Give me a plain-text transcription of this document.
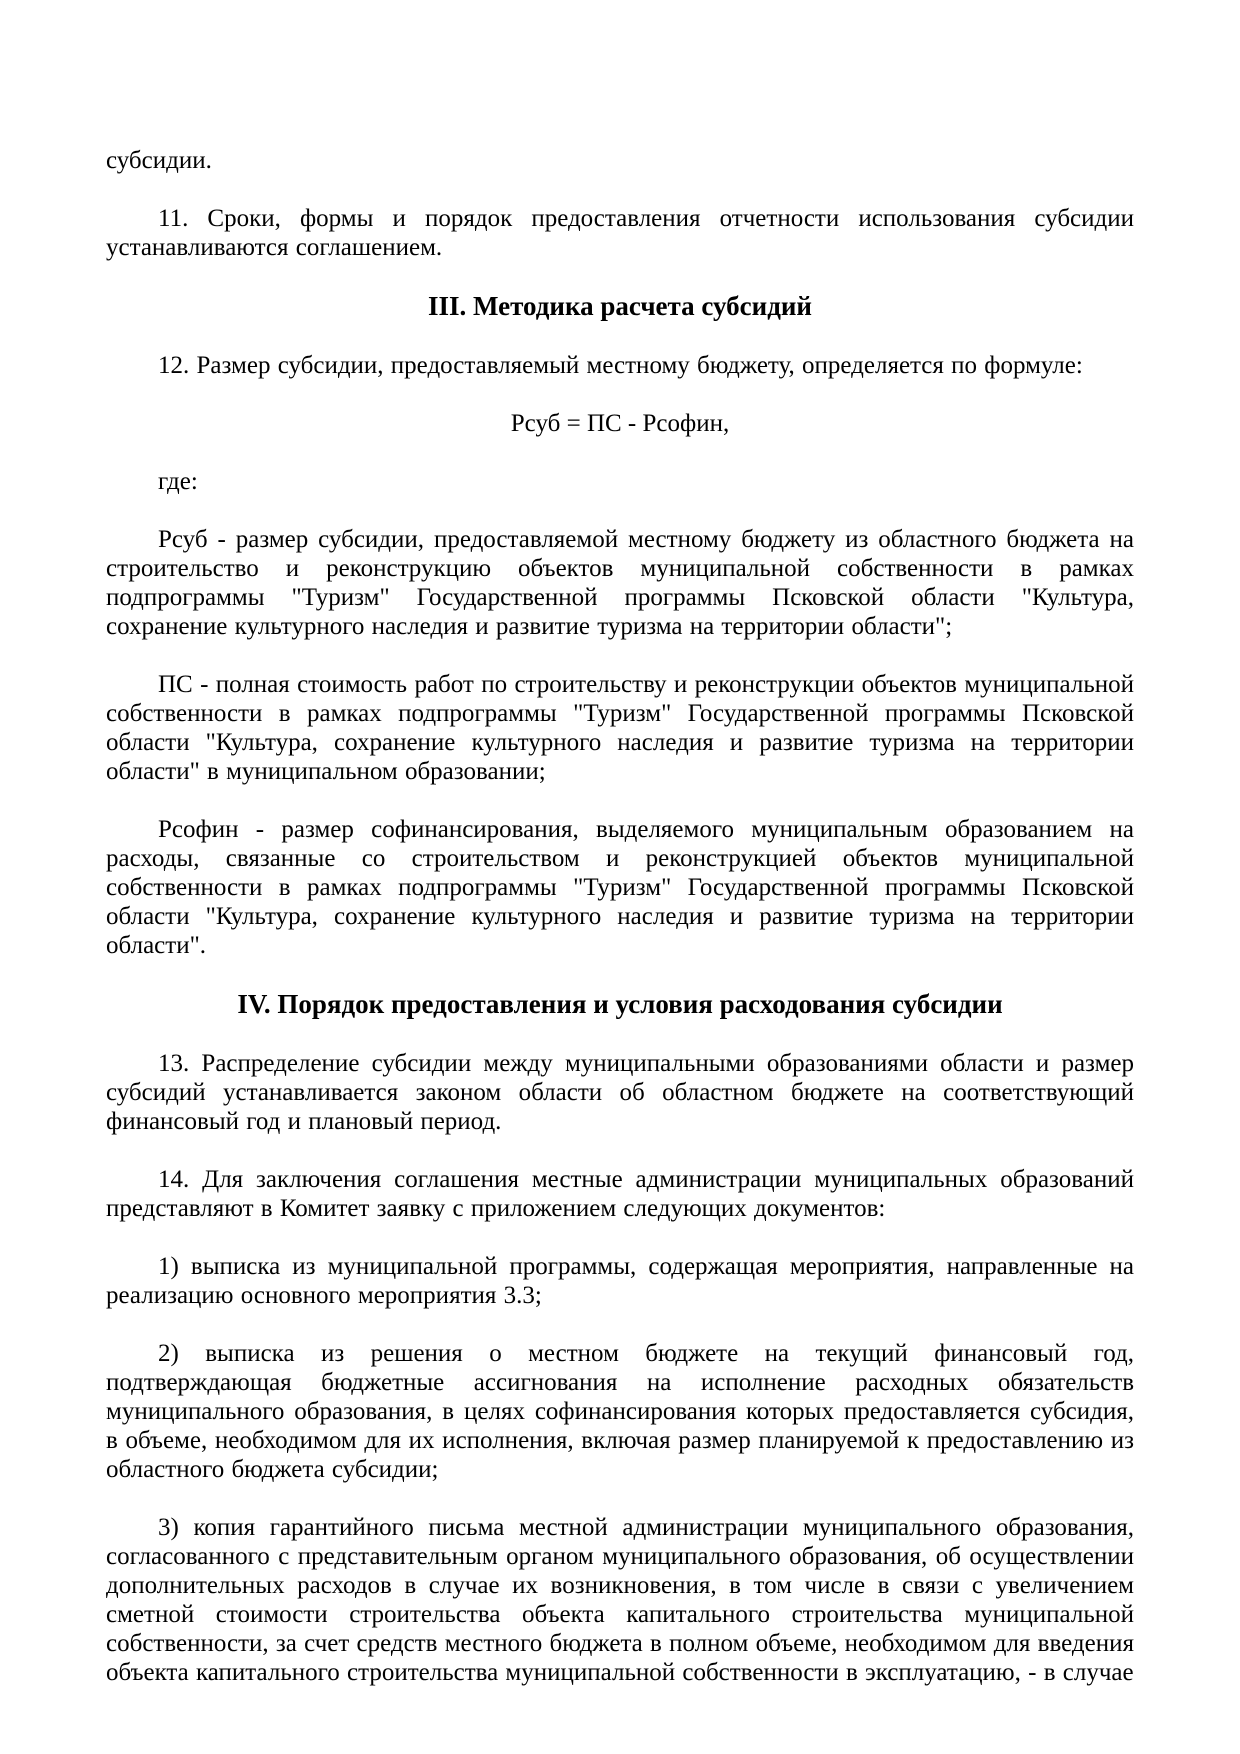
субсидии.

11. Сроки, формы и порядок предоставления отчетности использования субсидии устанавливаются соглашением.

III. Методика расчета субсидий

12. Размер субсидии, предоставляемый местному бюджету, определяется по формуле:

Рсуб = ПС - Рсофин,

где:

Рсуб - размер субсидии, предоставляемой местному бюджету из областного бюджета на строительство и реконструкцию объектов муниципальной собственности в рамках подпрограммы "Туризм" Государственной программы Псковской области "Культура, сохранение культурного наследия и развитие туризма на территории области";

ПС - полная стоимость работ по строительству и реконструкции объектов муниципальной собственности в рамках подпрограммы "Туризм" Государственной программы Псковской области "Культура, сохранение культурного наследия и развитие туризма на территории области" в муниципальном образовании;

Рсофин - размер софинансирования, выделяемого муниципальным образованием на расходы, связанные со строительством и реконструкцией объектов муниципальной собственности в рамках подпрограммы "Туризм" Государственной программы Псковской области "Культура, сохранение культурного наследия и развитие туризма на территории области".

IV. Порядок предоставления и условия расходования субсидии

13. Распределение субсидии между муниципальными образованиями области и размер субсидий устанавливается законом области об областном бюджете на соответствующий финансовый год и плановый период.

14. Для заключения соглашения местные администрации муниципальных образований представляют в Комитет заявку с приложением следующих документов:

1) выписка из муниципальной программы, содержащая мероприятия, направленные на реализацию основного мероприятия 3.3;

2) выписка из решения о местном бюджете на текущий финансовый год, подтверждающая бюджетные ассигнования на исполнение расходных обязательств муниципального образования, в целях софинансирования которых предоставляется субсидия, в объеме, необходимом для их исполнения, включая размер планируемой к предоставлению из областного бюджета субсидии;

3) копия гарантийного письма местной администрации муниципального образования, согласованного с представительным органом муниципального образования, об осуществлении дополнительных расходов в случае их возникновения, в том числе в связи с увеличением сметной стоимости строительства объекта капитального строительства муниципальной собственности, за счет средств местного бюджета в полном объеме, необходимом для введения объекта капитального строительства муниципальной собственности в эксплуатацию, - в случае
